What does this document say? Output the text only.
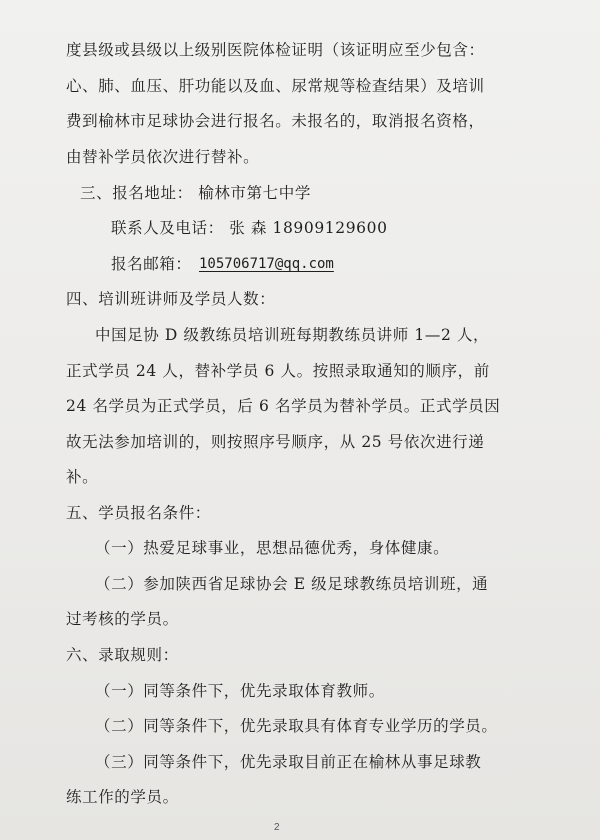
度县级或县级以上级别医院体检证明（该证明应至少包含：
心、肺、血压、肝功能以及血、尿常规等检查结果）及培训
费到榆林市足球协会进行报名。未报名的，取消报名资格，
由替补学员依次进行替补。
三、报名地址： 榆林市第七中学
联系人及电话： 张 森 18909129600
报名邮箱： 105706717@qq.com
四、培训班讲师及学员人数：
中国足协 D 级教练员培训班每期教练员讲师 1—2 人，
正式学员 24 人，替补学员 6 人。按照录取通知的顺序，前
24 名学员为正式学员，后 6 名学员为替补学员。正式学员因
故无法参加培训的，则按照序号顺序，从 25 号依次进行递
补。
五、学员报名条件：
（一）热爱足球事业，思想品德优秀，身体健康。
（二）参加陕西省足球协会 E 级足球教练员培训班，通
过考核的学员。
六、录取规则：
（一）同等条件下，优先录取体育教师。
（二）同等条件下，优先录取具有体育专业学历的学员。
（三）同等条件下，优先录取目前正在榆林从事足球教
练工作的学员。
2
